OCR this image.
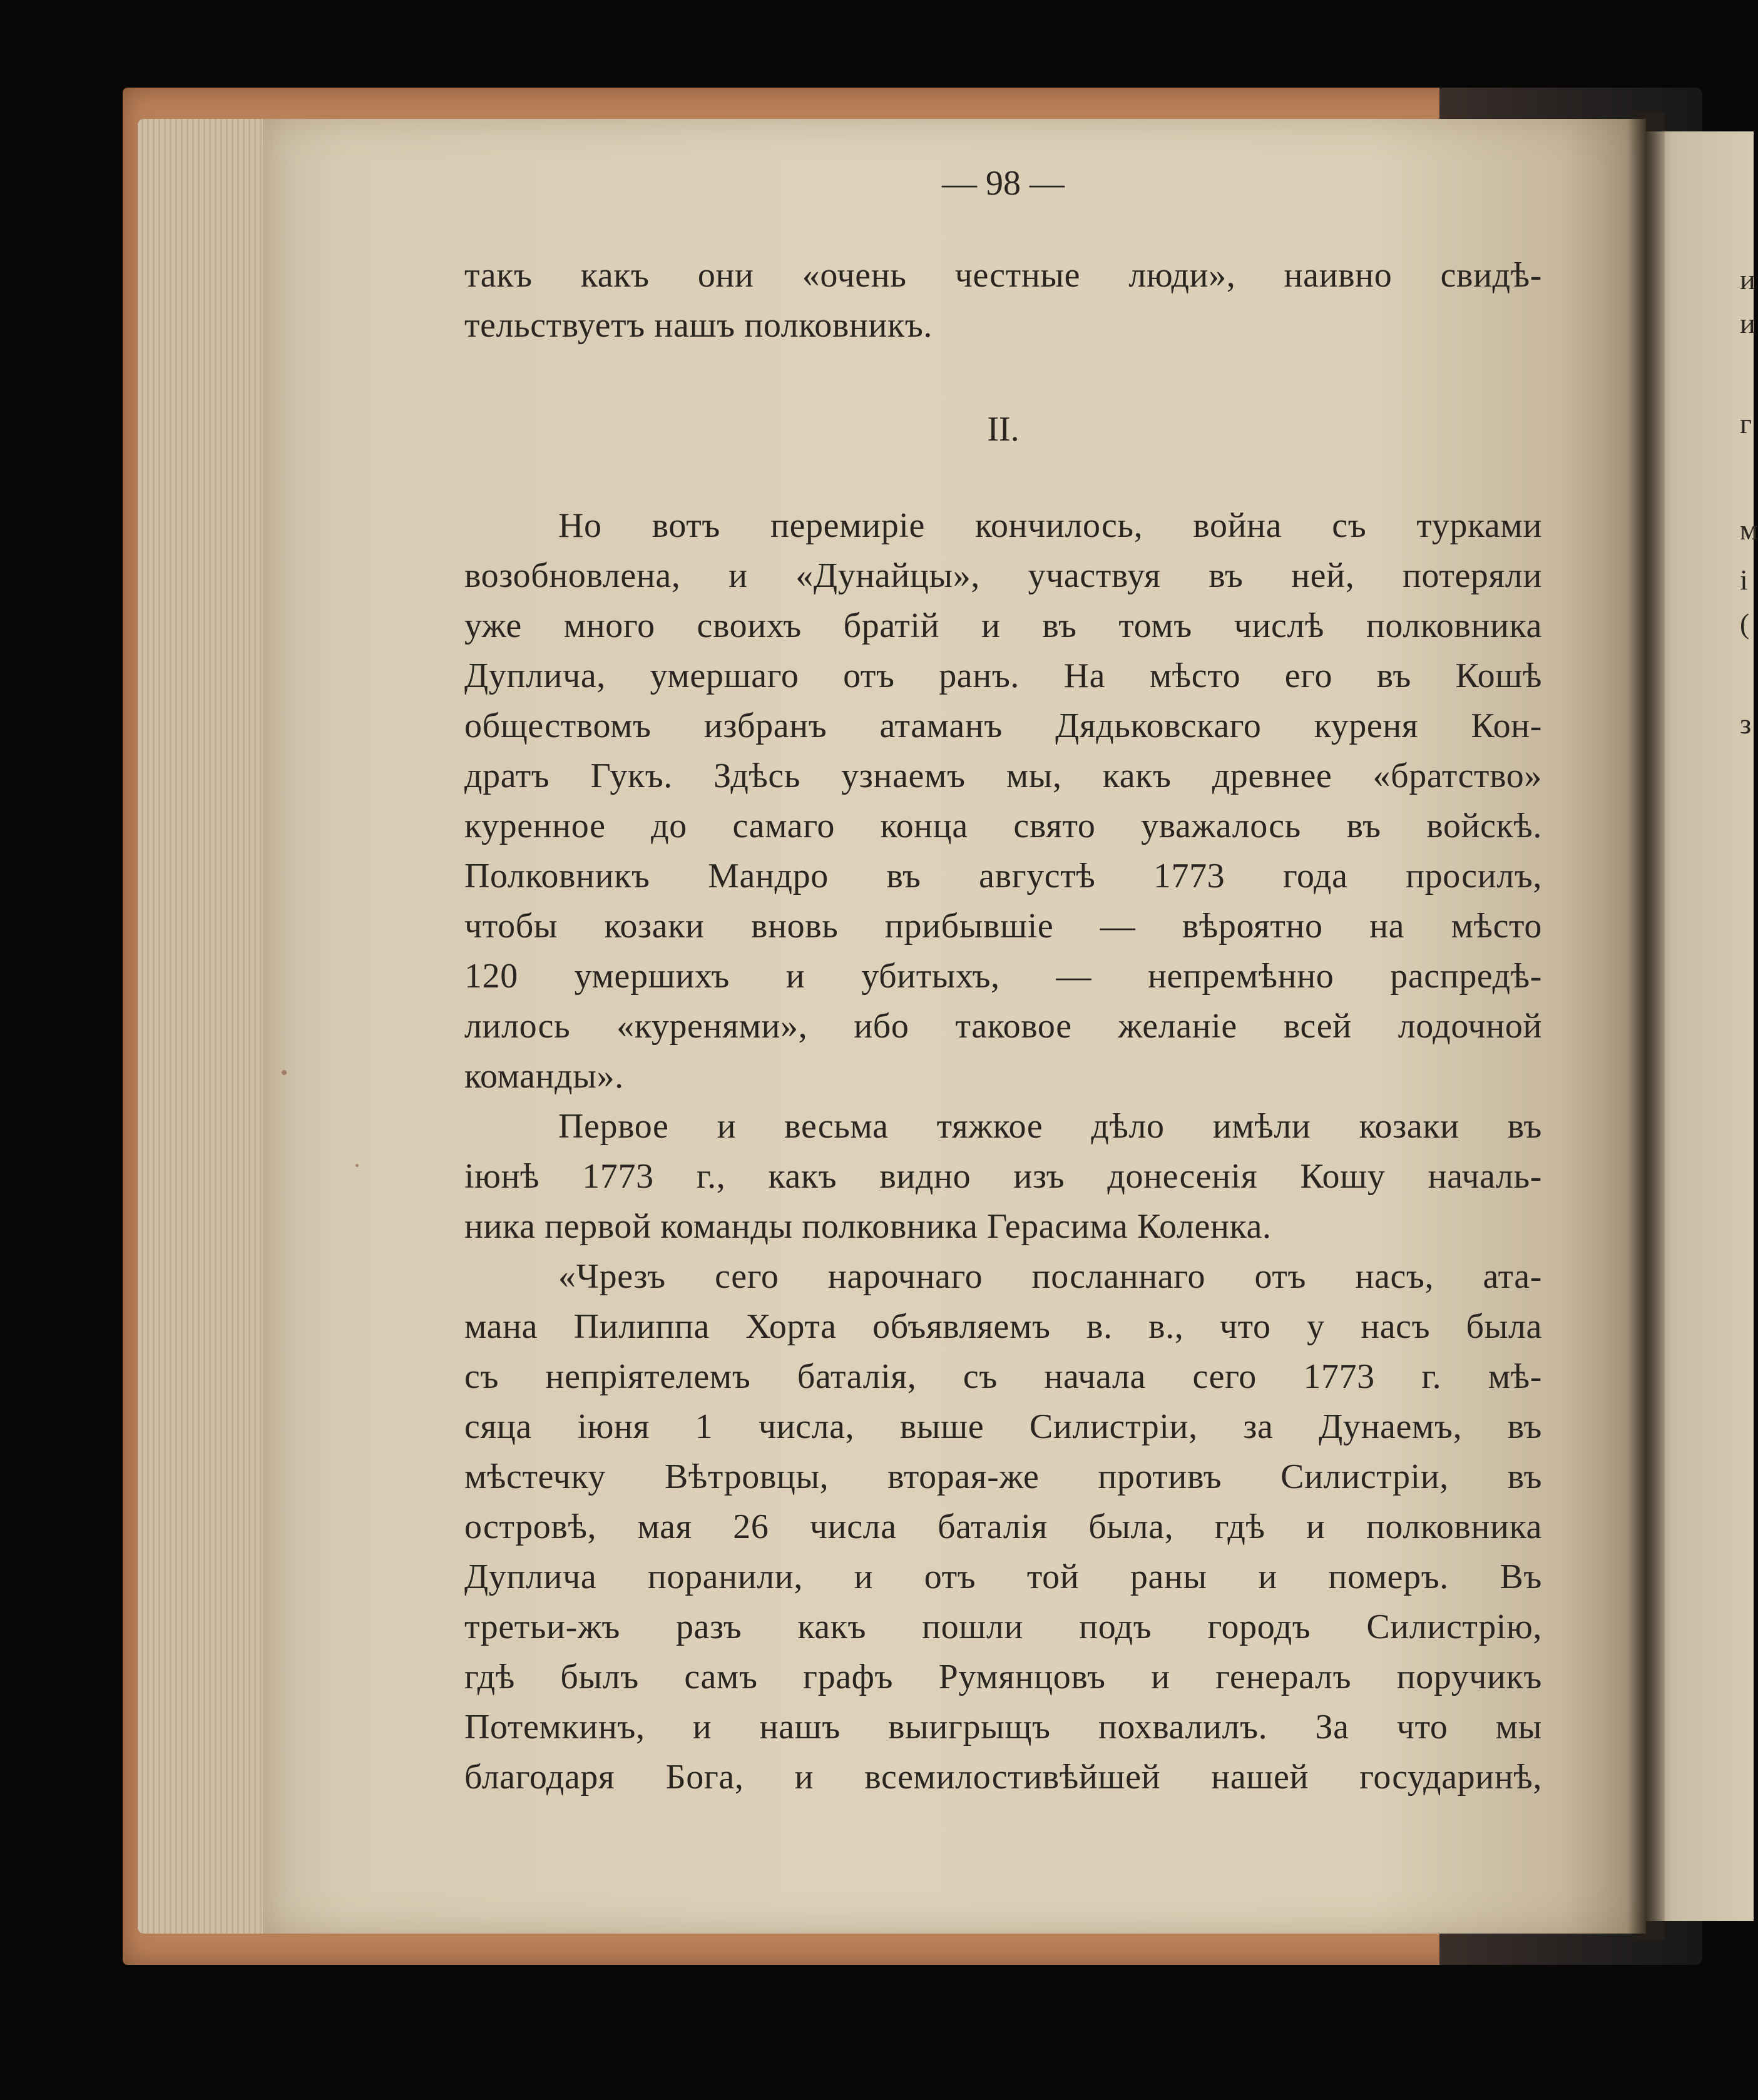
и
и
г
м
і
(
з
— 98 —
такъ какъ они «очень честные люди», наивно свидѣ-
тельствуетъ нашъ полковникъ.
II.
Но вотъ перемиріе кончилось, война съ турками
возобновлена, и «Дунайцы», участвуя въ ней, потеряли
уже много своихъ братій и въ томъ числѣ полковника
Дуплича, умершаго отъ ранъ. На мѣсто его въ Кошѣ
обществомъ избранъ атаманъ Дядьковскаго куреня Кон-
дратъ Гукъ. Здѣсь узнаемъ мы, какъ древнее «братство»
куренное до самаго конца свято уважалось въ войскѣ.
Полковникъ Мандро въ августѣ 1773 года просилъ,
чтобы козаки вновь прибывшіе — вѣроятно на мѣсто
120 умершихъ и убитыхъ, — непремѣнно распредѣ-
лилось «куренями», ибо таковое желаніе всей лодочной
команды».
Первое и весьма тяжкое дѣло имѣли козаки въ
іюнѣ 1773 г., какъ видно изъ донесенія Кошу началь-
ника первой команды полковника Герасима Коленка.
«Чрезъ сего нарочнаго посланнаго отъ насъ, ата-
мана Пилиппа Хорта объявляемъ в. в., что у насъ была
съ непріятелемъ баталія, съ начала сего 1773 г. мѣ-
сяца іюня 1 числа, выше Силистріи, за Дунаемъ, въ
мѣстечку Вѣтровцы, вторая-же противъ Силистріи, въ
островѣ, мая 26 числа баталія была, гдѣ и полковника
Дуплича поранили, и отъ той раны и померъ. Въ
третьи-жъ разъ какъ пошли подъ городъ Силистрію,
гдѣ былъ самъ графъ Румянцовъ и генералъ поручикъ
Потемкинъ, и нашъ выигрыщъ похвалилъ. За что мы
благодаря Бога, и всемилостивѣйшей нашей государинѣ,
